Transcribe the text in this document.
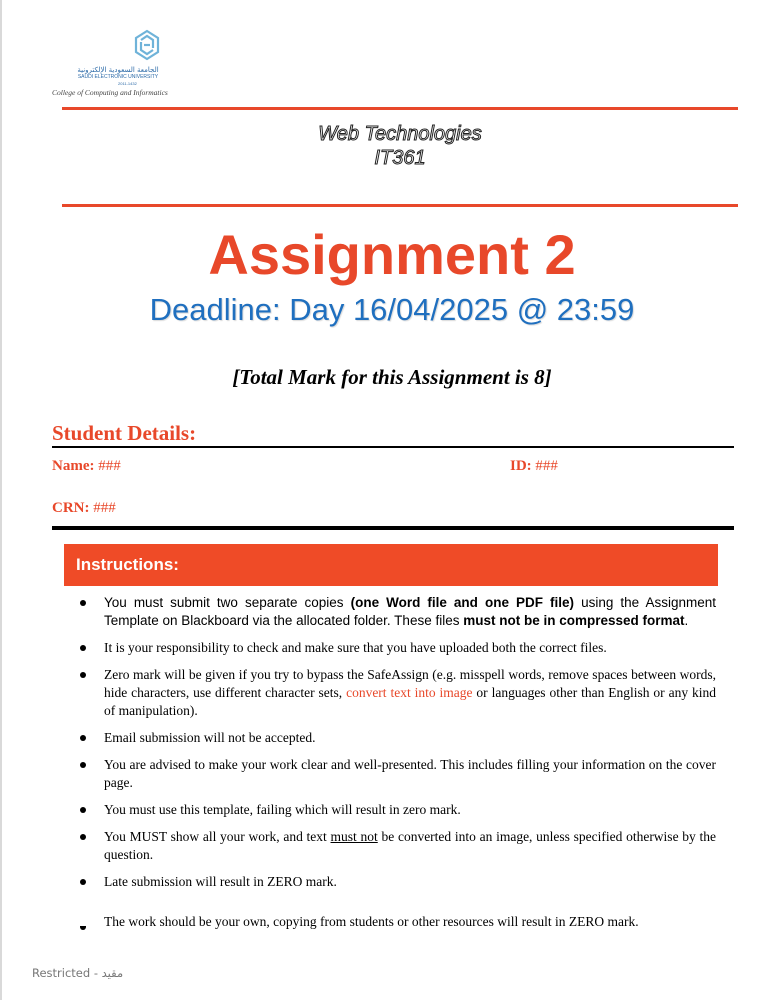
الجامعة السعودية الإلكترونية
SAUDI ELECTRONIC UNIVERSITY
2011-1432
College of Computing and Informatics
Web Technologies
IT361
Assignment 2
Deadline: Day 16/04/2025 @ 23:59
[Total Mark for this Assignment is 8]
Student Details:
Name: ###	ID: ###
CRN: ###
Instructions:
You must submit two separate copies (one Word file and one PDF file) using the Assignment Template on Blackboard via the allocated folder. These files must not be in compressed format.
It is your responsibility to check and make sure that you have uploaded both the correct files.
Zero mark will be given if you try to bypass the SafeAssign (e.g. misspell words, remove spaces between words, hide characters, use different character sets, convert text into image or languages other than English or any kind of manipulation).
Email submission will not be accepted.
You are advised to make your work clear and well-presented. This includes filling your information on the cover page.
You must use this template, failing which will result in zero mark.
You MUST show all your work, and text must not be converted into an image, unless specified otherwise by the question.
Late submission will result in ZERO mark.
The work should be your own, copying from students or other resources will result in ZERO mark.
Restricted - مقيد
